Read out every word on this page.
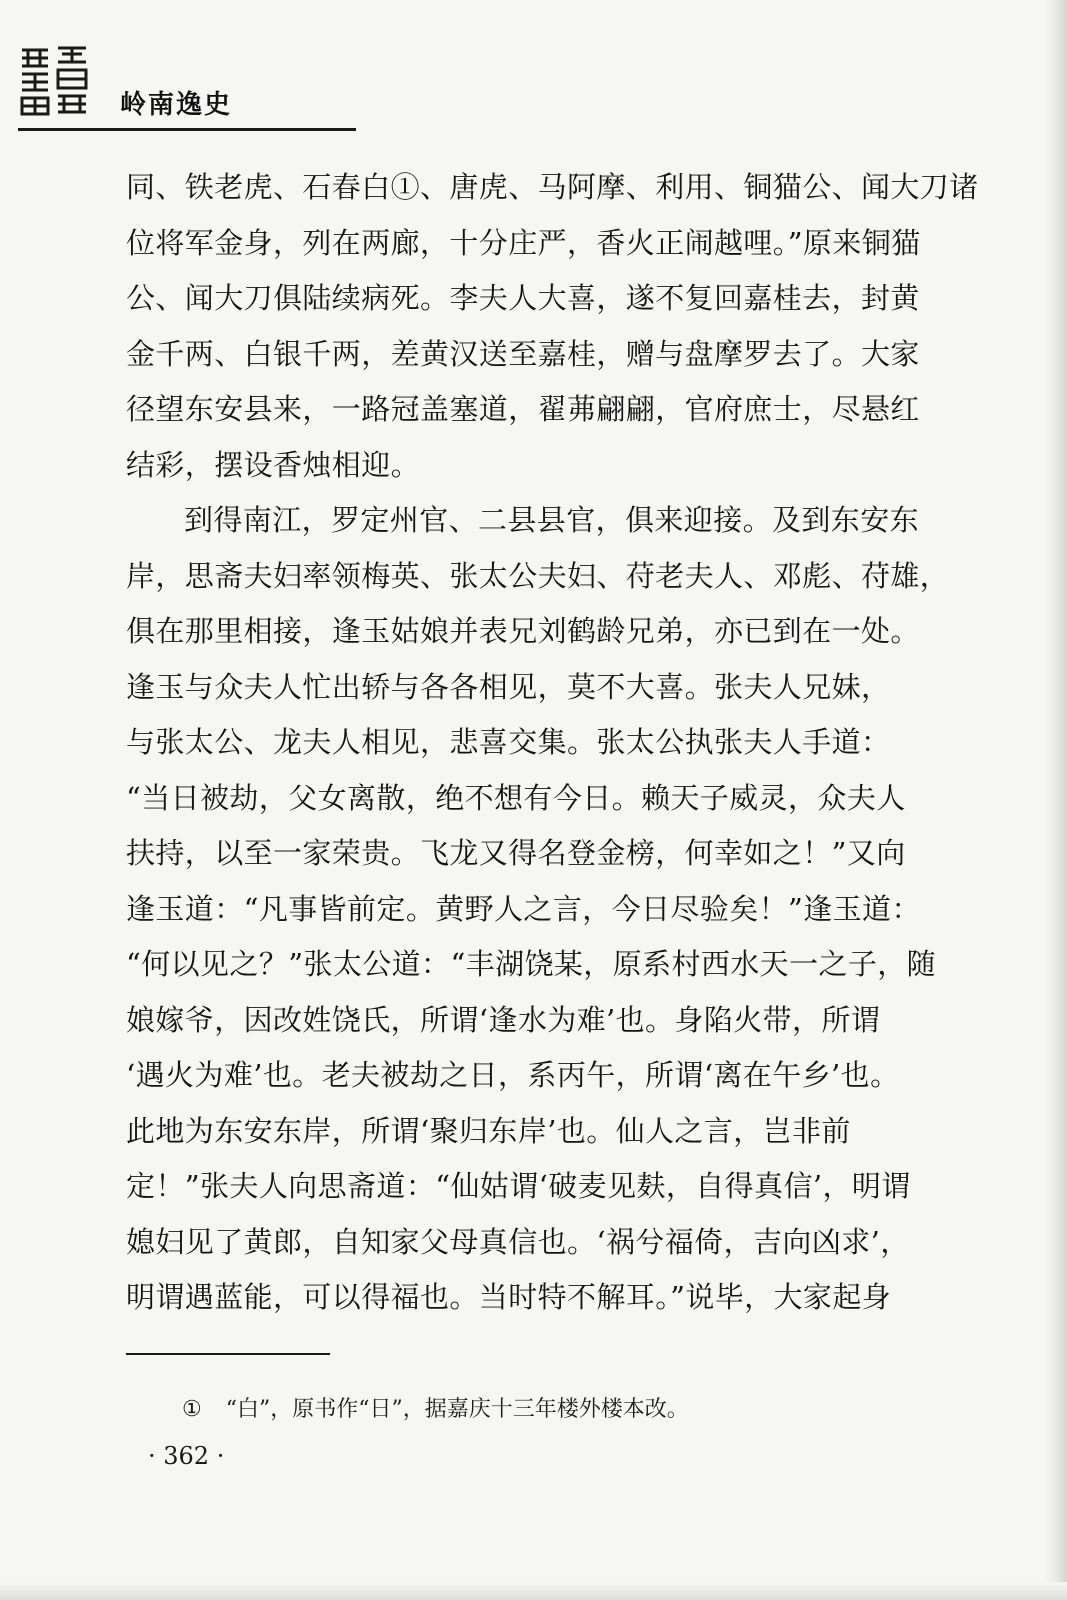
岭南逸史
同、铁老虎、石春白①、唐虎、马阿摩、利用、铜猫公、闻大刀诸
位将军金身，列在两廊，十分庄严，香火正闹越哩。”原来铜猫
公、闻大刀俱陆续病死。李夫人大喜，遂不复回嘉桂去，封黄
金千两、白银千两，差黄汉送至嘉桂，赠与盘摩罗去了。大家
径望东安县来，一路冠盖塞道，翟茀翩翩，官府庶士，尽悬红
结彩，摆设香烛相迎。
到得南江，罗定州官、二县县官，俱来迎接。及到东安东
岸，思斋夫妇率领梅英、张太公夫妇、苻老夫人、邓彪、苻雄，
俱在那里相接，逢玉姑娘并表兄刘鹤龄兄弟，亦已到在一处。
逢玉与众夫人忙出轿与各各相见，莫不大喜。张夫人兄妹，
与张太公、龙夫人相见，悲喜交集。张太公执张夫人手道：
“当日被劫，父女离散，绝不想有今日。赖天子威灵，众夫人
扶持，以至一家荣贵。飞龙又得名登金榜，何幸如之！”又向
逢玉道：“凡事皆前定。黄野人之言，今日尽验矣！”逢玉道：
“何以见之？”张太公道：“丰湖饶某，原系村西水天一之子，随
娘嫁爷，因改姓饶氏，所谓‘逢水为难’也。身陷火带，所谓
‘遇火为难’也。老夫被劫之日，系丙午，所谓‘离在午乡’也。
此地为东安东岸，所谓‘聚归东岸’也。仙人之言，岂非前
定！”张夫人向思斋道：“仙姑谓‘破麦见麸，自得真信’，明谓
媳妇见了黄郎，自知家父母真信也。‘祸兮福倚，吉向凶求’，
明谓遇蓝能，可以得福也。当时特不解耳。”说毕，大家起身
① “白”，原书作“日”，据嘉庆十三年楼外楼本改。
· 362 ·
